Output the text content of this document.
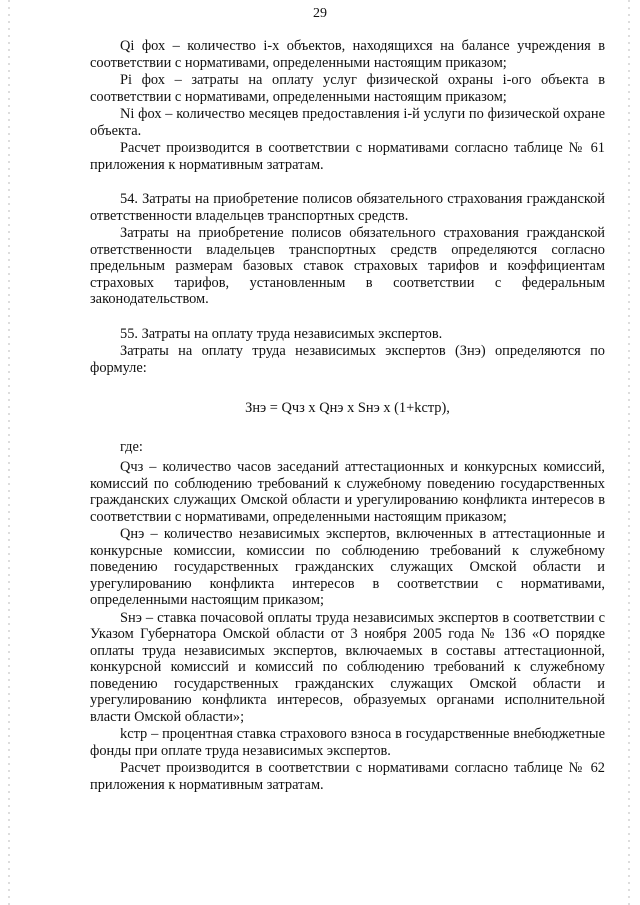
29

Qi фох – количество i-х объектов, находящихся на балансе учреждения в соответствии с нормативами, определенными настоящим приказом;

Pi фох – затраты на оплату услуг физической охраны i-ого объекта в соответствии с нормативами, определенными настоящим приказом;

Ni фох – количество месяцев предоставления i-й услуги по физической охране объекта.

Расчет производится в соответствии с нормативами согласно таблице № 61 приложения к нормативным затратам.

54. Затраты на приобретение полисов обязательного страхования гражданской ответственности владельцев транспортных средств.

Затраты на приобретение полисов обязательного страхования гражданской ответственности владельцев транспортных средств определяются согласно предельным размерам базовых ставок страховых тарифов и коэффициентам страховых тарифов, установленным в соответствии с федеральным законодательством.

55. Затраты на оплату труда независимых экспертов.

Затраты на оплату труда независимых экспертов (Знэ) определяются по формуле:

Знэ = Qчз х Qнэ х Sнэ х (1+kстр),

где:

Qчз – количество часов заседаний аттестационных и конкурсных комиссий, комиссий по соблюдению требований к служебному поведению государственных гражданских служащих Омской области и урегулированию конфликта интересов в соответствии с нормативами, определенными настоящим приказом;

Qнэ – количество независимых экспертов, включенных в аттестационные и конкурсные комиссии, комиссии по соблюдению требований к служебному поведению государственных гражданских служащих Омской области и урегулированию конфликта интересов в соответствии с нормативами, определенными настоящим приказом;

Sнэ – ставка почасовой оплаты труда независимых экспертов в соответствии с Указом Губернатора Омской области от 3 ноября 2005 года № 136 «О порядке оплаты труда независимых экспертов, включаемых в составы аттестационной, конкурсной комиссий и комиссий по соблюдению требований к служебному поведению государственных гражданских служащих Омской области и урегулированию конфликта интересов, образуемых органами исполнительной власти Омской области»;

kстр – процентная ставка страхового взноса в государственные внебюджетные фонды при оплате труда независимых экспертов.

Расчет производится в соответствии с нормативами согласно таблице № 62 приложения к нормативным затратам.
